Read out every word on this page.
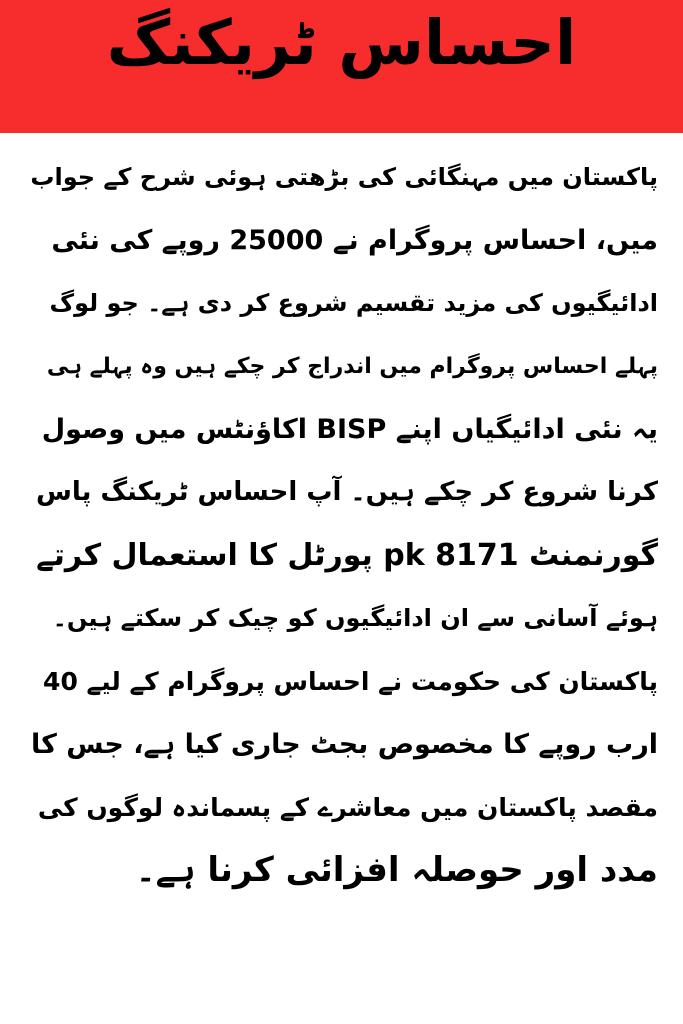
احساس ٹریکنگ
پاکستان میں مہنگائی کی بڑھتی ہوئی شرح کے جواب
میں، احساس پروگرام نے 25000 روپے کی نئی
ادائیگیوں کی مزید تقسیم شروع کر دی ہے۔ جو لوگ
پہلے احساس پروگرام میں اندراج کر چکے ہیں وہ پہلے ہی
یہ نئی ادائیگیاں اپنے BISP اکاؤنٹس میں وصول
کرنا شروع کر چکے ہیں۔ آپ احساس ٹریکنگ پاس
گورنمنٹ pk 8171 پورٹل کا استعمال کرتے
ہوئے آسانی سے ان ادائیگیوں کو چیک کر سکتے ہیں۔
پاکستان کی حکومت نے احساس پروگرام کے لیے 40
ارب روپے کا مخصوص بجٹ جاری کیا ہے، جس کا
مقصد پاکستان میں معاشرے کے پسماندہ لوگوں کی
مدد اور حوصلہ افزائی کرنا ہے۔
